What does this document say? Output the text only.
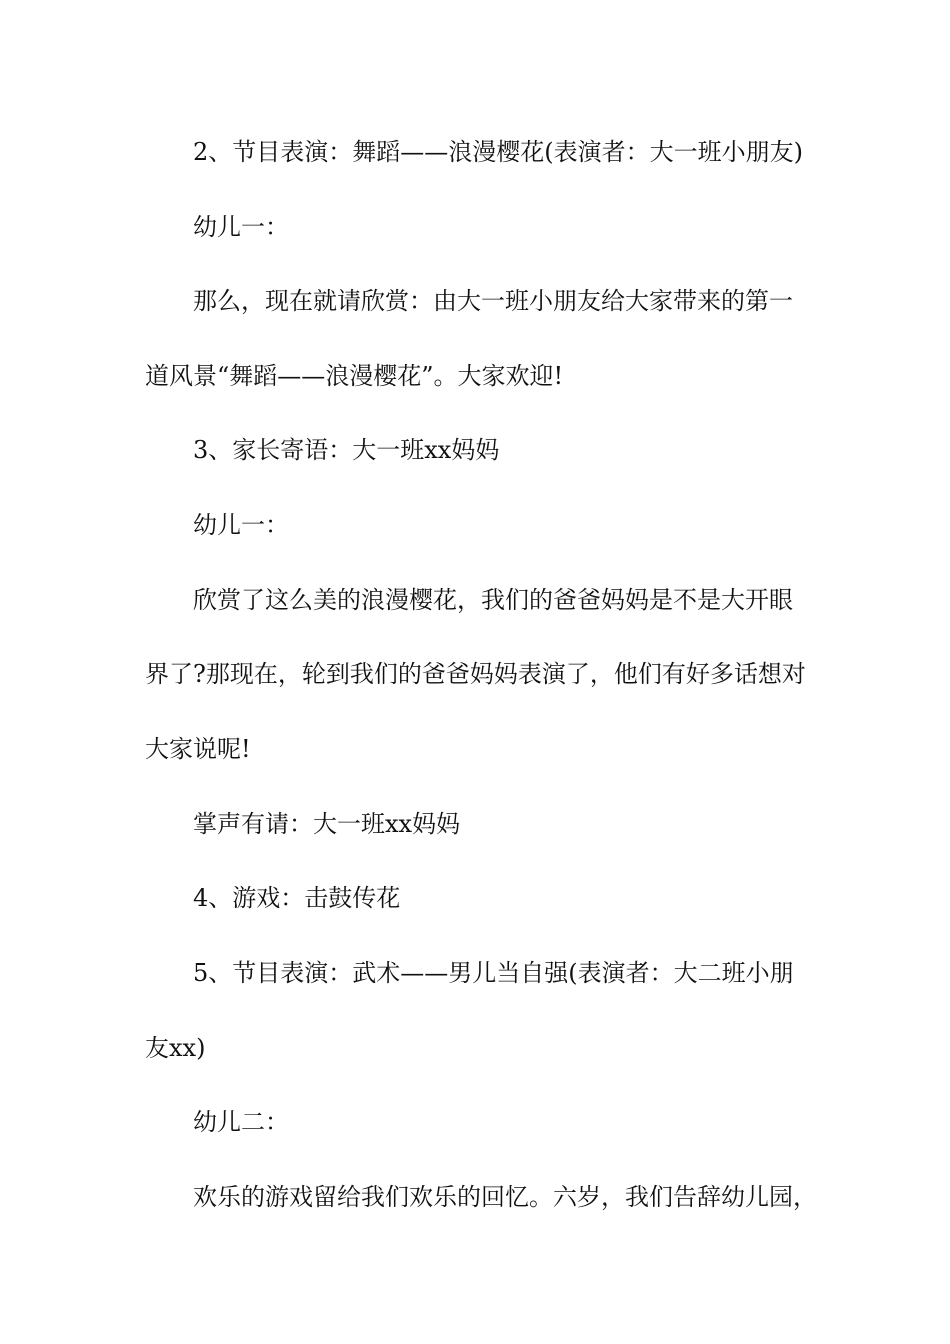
2、节目表演：舞蹈——浪漫樱花(表演者：大一班小朋友)
幼儿一：
那么，现在就请欣赏：由大一班小朋友给大家带来的第一
道风景“舞蹈——浪漫樱花”。大家欢迎!
3、家长寄语：大一班xx妈妈
幼儿一：
欣赏了这么美的浪漫樱花，我们的爸爸妈妈是不是大开眼
界了?那现在，轮到我们的爸爸妈妈表演了，他们有好多话想对
大家说呢!
掌声有请：大一班xx妈妈
4、游戏：击鼓传花
5、节目表演：武术——男儿当自强(表演者：大二班小朋
友xx)
幼儿二：
欢乐的游戏留给我们欢乐的回忆。六岁，我们告辞幼儿园，
